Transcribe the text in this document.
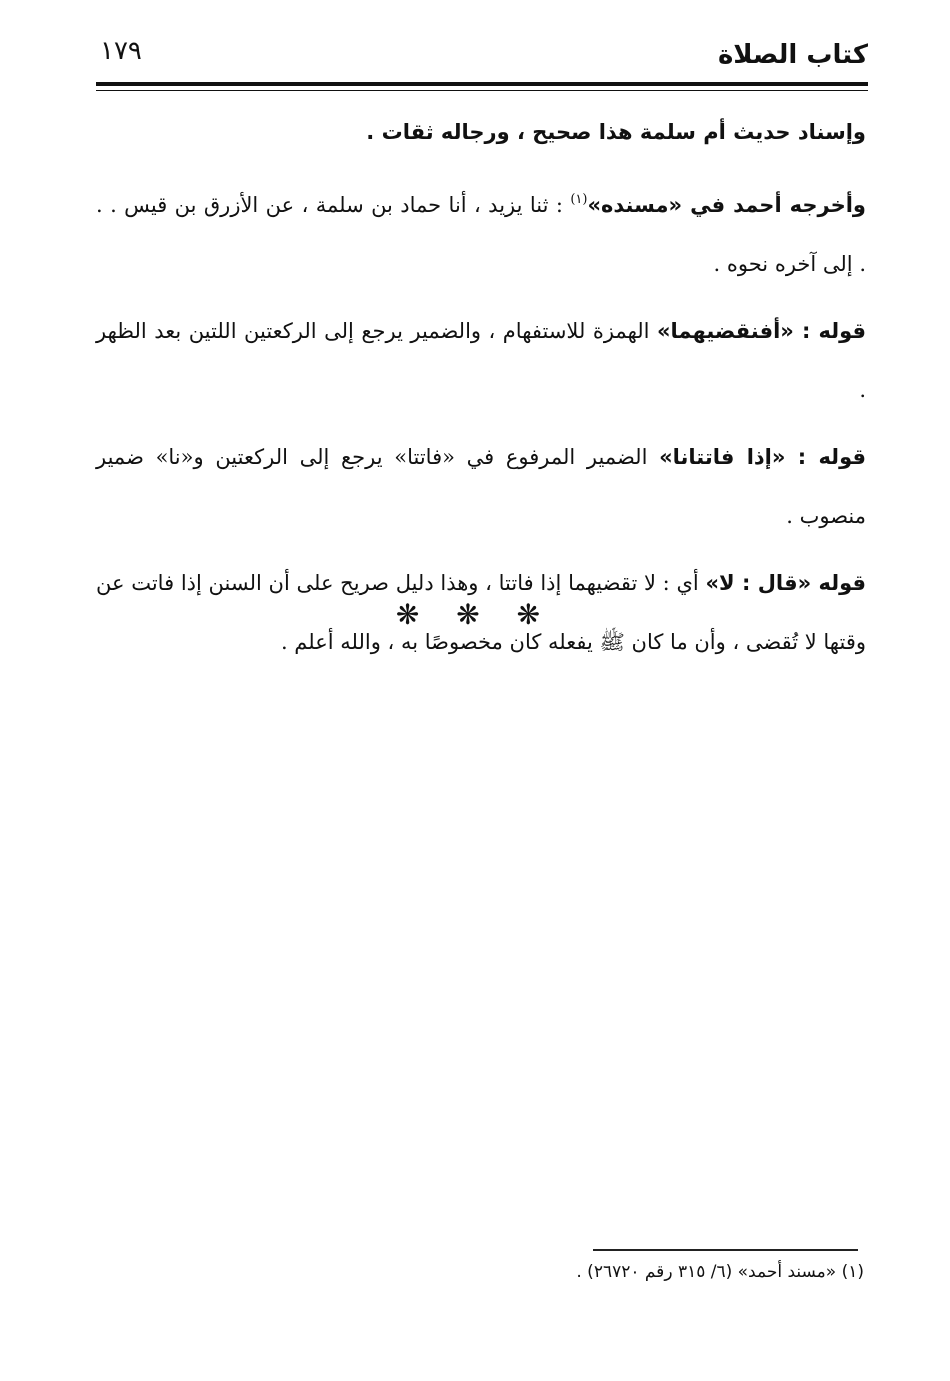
كتاب الصلاة
١٧٩

وإسناد حديث أم سلمة هذا صحيح ، ورجاله ثقات .

وأخرجه أحمد في «مسنده»$^{(١)}$ : ثنا يزيد ، أنا حماد بن سلمة ، عن الأزرق بن قيس . . . إلى آخره نحوه .

قوله : «أفنقضيهما» الهمزة للاستفهام ، والضمير يرجع إلى الركعتين اللتين بعد الظهر .

قوله : «إذا فاتتانا» الضمير المرفوع في «فاتتا» يرجع إلى الركعتين و«نا» ضمير منصوب .

قوله «قال : لا» أي : لا تقضيهما إذا فاتتا ، وهذا دليل صريح على أن السنن إذا فاتت عن وقتها لا تُقضى ، وأن ما كان ﷺ يفعله كان مخصوصًا به ، والله أعلم .

❋ ❋ ❋
(١) «مسند أحمد» (٦/ ٣١٥ رقم ٢٦٧٢٠) .
